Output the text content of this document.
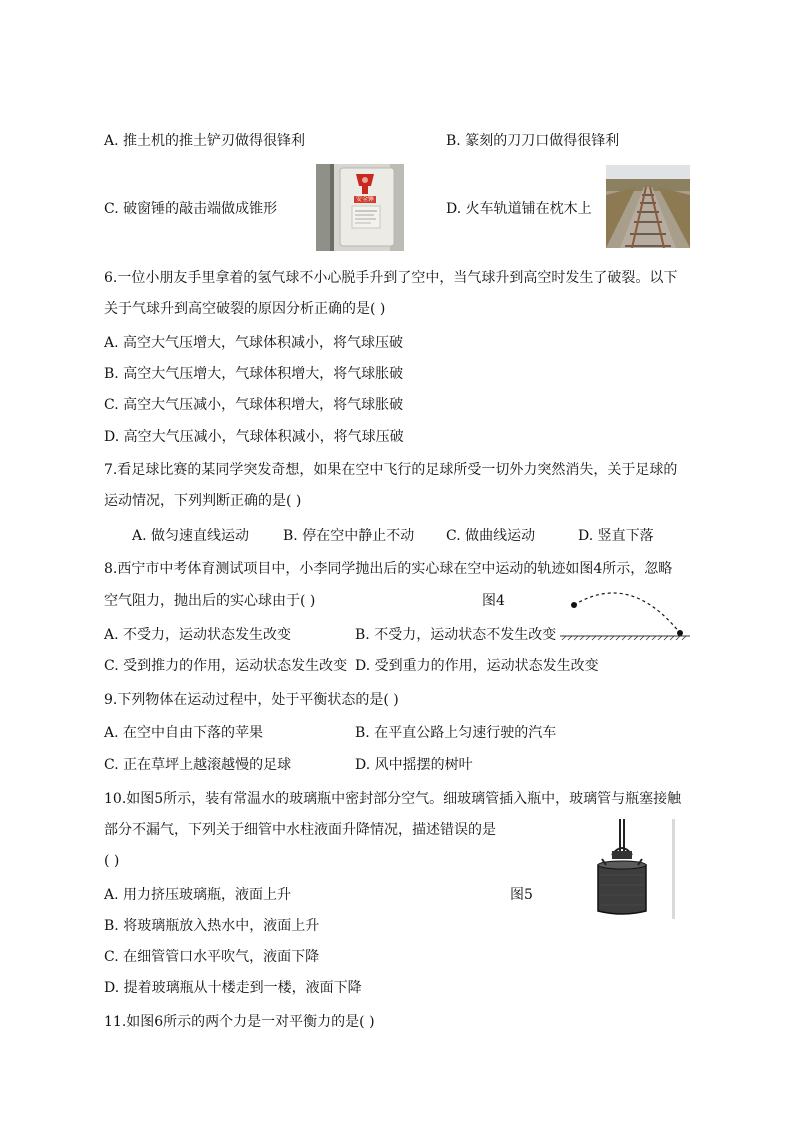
A. 推土机的推土铲刃做得很锋利	B. 篆刻的刀刀口做得很锋利
C. 破窗锤的敲击端做成锥形	D. 火车轨道铺在枕木上
安全锤
6.一位小朋友手里拿着的氢气球不小心脱手升到了空中，当气球升到高空时发生了破裂。以下
关于气球升到高空破裂的原因分析正确的是( )
A. 高空大气压增大，气球体积减小，将气球压破
B. 高空大气压增大，气球体积增大，将气球胀破
C. 高空大气压减小，气球体积增大，将气球胀破
D. 高空大气压减小，气球体积减小，将气球压破
7.看足球比赛的某同学突发奇想，如果在空中飞行的足球所受一切外力突然消失，关于足球的
运动情况，下列判断正确的是( )
A. 做匀速直线运动 B. 停在空中静止不动 C. 做曲线运动	D. 竖直下落
8.西宁市中考体育测试项目中，小李同学抛出后的实心球在空中运动的轨迹如图4所示，忽略
空气阻力，抛出后的实心球由于( )	图4
A. 不受力，运动状态发生改变	B. 不受力，运动状态不发生改变
C. 受到推力的作用，运动状态发生改变 D. 受到重力的作用，运动状态发生改变
9.下列物体在运动过程中，处于平衡状态的是( )
A. 在空中自由下落的苹果	B. 在平直公路上匀速行驶的汽车
C. 正在草坪上越滚越慢的足球	D. 风中摇摆的树叶
10.如图5所示，装有常温水的玻璃瓶中密封部分空气。细玻璃管插入瓶中，玻璃管与瓶塞接触
部分不漏气，下列关于细管中水柱液面升降情况，描述错误的是
( )
图5
A. 用力挤压玻璃瓶，液面上升
B. 将玻璃瓶放入热水中，液面上升
C. 在细管管口水平吹气，液面下降
D. 提着玻璃瓶从十楼走到一楼，液面下降
11.如图6所示的两个力是一对平衡力的是( )
